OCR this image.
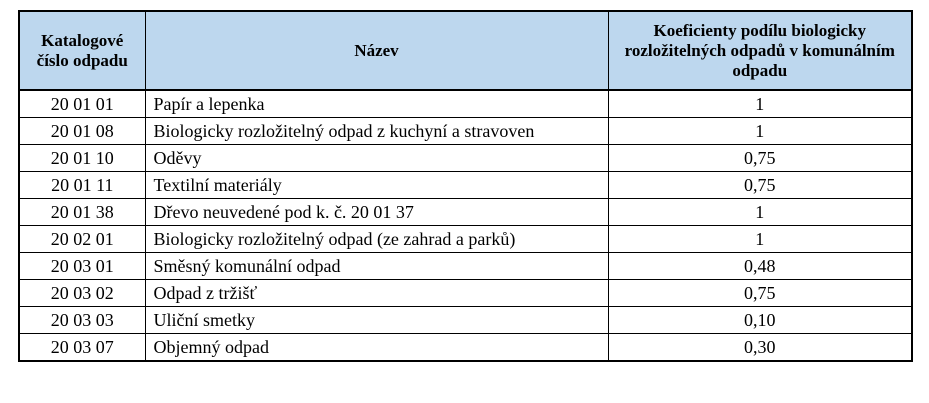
Katalogové číslo odpadu	Název	Koeficienty podílu biologicky rozložitelných odpadů v komunálním odpadu
20 01 01	Papír a lepenka	1
20 01 08	Biologicky rozložitelný odpad z kuchyní a stravoven	1
20 01 10	Oděvy	0,75
20 01 11	Textilní materiály	0,75
20 01 38	Dřevo neuvedené pod k. č. 20 01 37	1
20 02 01	Biologicky rozložitelný odpad (ze zahrad a parků)	1
20 03 01	Směsný komunální odpad	0,48
20 03 02	Odpad z tržišť	0,75
20 03 03	Uliční smetky	0,10
20 03 07	Objemný odpad	0,30
